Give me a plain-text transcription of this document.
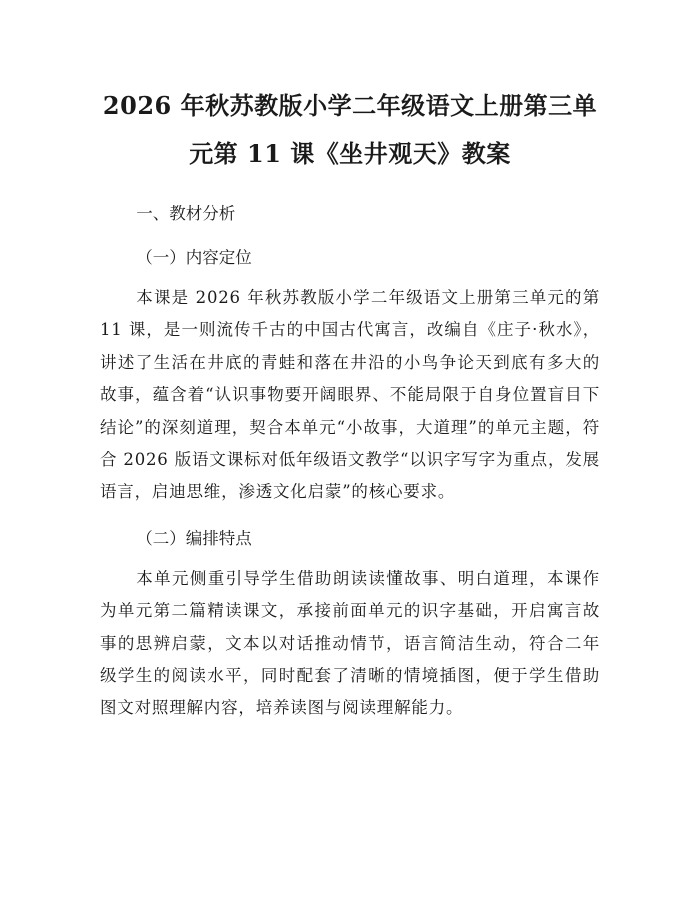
2026 年秋苏教版小学二年级语文上册第三单
元第 11 课《坐井观天》教案

一、教材分析

（一）内容定位

本课是 2026 年秋苏教版小学二年级语文上册第三单元的第 11 课，是一则流传千古的中国古代寓言，改编自《庄子·秋水》，讲述了生活在井底的青蛙和落在井沿的小鸟争论天到底有多大的故事，蕴含着“认识事物要开阔眼界、不能局限于自身位置盲目下结论”的深刻道理，契合本单元“小故事，大道理”的单元主题，符合 2026 版语文课标对低年级语文教学“以识字写字为重点，发展语言，启迪思维，渗透文化启蒙”的核心要求。

（二）编排特点

本单元侧重引导学生借助朗读读懂故事、明白道理，本课作为单元第二篇精读课文，承接前面单元的识字基础，开启寓言故事的思辨启蒙，文本以对话推动情节，语言简洁生动，符合二年级学生的阅读水平，同时配套了清晰的情境插图，便于学生借助图文对照理解内容，培养读图与阅读理解能力。
